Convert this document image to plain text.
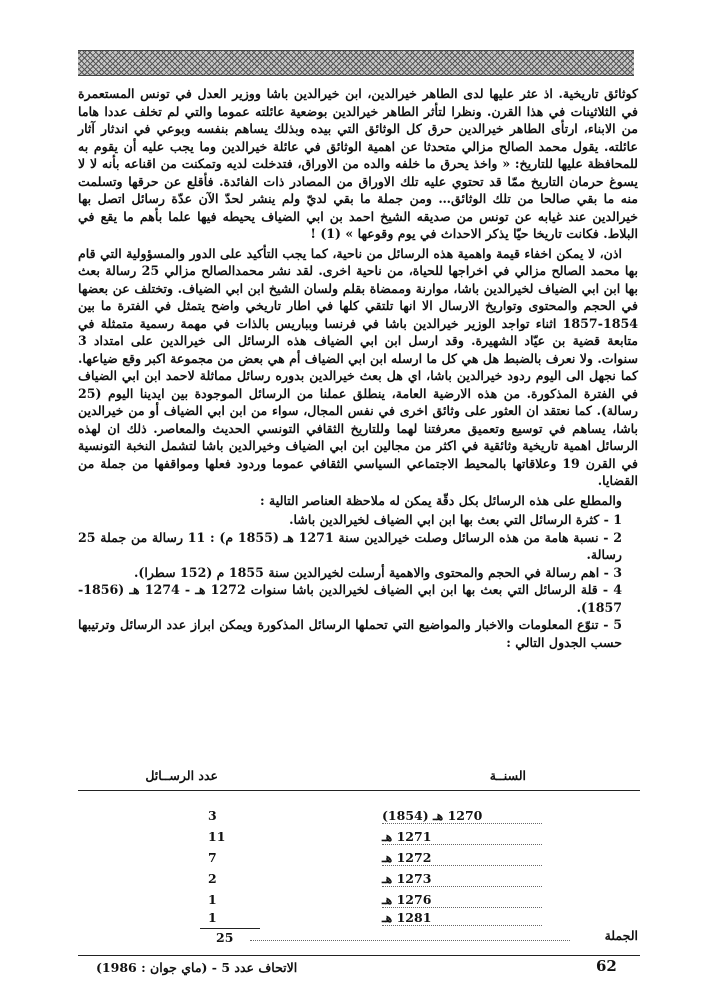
كوثائق تاريخية. اذ عثر عليها لدى الطاهر خيرالدين، ابن خيرالدين باشا ووزير العدل في تونس المستعمرة في الثلاثينات في هذا القرن. ونظرا لتأثر الطاهر خيرالدين بوضعية عائلته عموما والتي لم تخلف عددا هاما من الابناء، ارتأى الطاهر خيرالدين حرق كل الوثائق التي بيده وبذلك يساهم بنفسه وبوعي في اندثار آثار عائلته. يقول محمد الصالح مزالي متحدثا عن اهمية الوثائق في عائلة خيرالدين وما يجب عليه أن يقوم به للمحافظة عليها للتاريخ: « واخذ يحرق ما خلفه والده من الاوراق، فتدخلت لديه وتمكنت من اقناعه بأنه لا لا يسوغ حرمان التاريخ ممّا قد تحتوي عليه تلك الاوراق من المصادر ذات الفائدة. فأقلع عن حرقها وتسلمت منه ما بقي صالحا من تلك الوثائق… ومن جملة ما بقي لديّ ولم ينشر لحدّ الآن عدّة رسائل اتصل بها خيرالدين عند غيابه عن تونس من صديقه الشيخ احمد بن ابي الضياف يحيطه فيها علما بأهم ما يقع في البلاط. فكانت تاريخا حيّا يذكر الاحداث في يوم وقوعها » (1) !

اذن، لا يمكن اخفاء قيمة واهمية هذه الرسائل من ناحية، كما يجب التأكيد على الدور والمسؤولية التي قام بها محمد الصالح مزالي في اخراجها للحياة، من ناحية اخرى. لقد نشر محمدالصالح مزالي 25 رسالة بعث بها ابن ابي الضياف لخيرالدين باشا، موارنة وممضاة بقلم ولسان الشيخ ابن ابي الضياف. وتختلف عن بعضها في الحجم والمحتوى وتواريخ الارسال الا انها تلتقي كلها في اطار تاريخي واضح يتمثل في الفترة ما بين 1854-1857 اثناء تواجد الوزير خيرالدين باشا في فرنسا وبباريس بالذات في مهمة رسمية متمثلة في متابعة قضية بن عيّاد الشهيرة. وقد ارسل ابن ابي الضياف هذه الرسائل الى خيرالدين على امتداد 3 سنوات. ولا نعرف بالضبط هل هي كل ما ارسله ابن ابي الضياف أم هي بعض من مجموعة اكبر وقع ضياعها. كما نجهل الى اليوم ردود خيرالدين باشا، اي هل بعث خيرالدين بدوره رسائل مماثلة لاحمد ابن ابي الضياف في الفترة المذكورة. من هذه الارضية العامة، ينطلق عملنا من الرسائل الموجودة بين ايدينا اليوم (25 رسالة). كما نعتقد ان العثور على وثائق اخرى في نفس المجال، سواء من ابن ابي الضياف أو من خيرالدين باشا، يساهم في توسيع وتعميق معرفتنا لهما وللتاريخ الثقافي التونسي الحديث والمعاصر. ذلك ان لهذه الرسائل اهمية تاريخية وثائقية في اكثر من مجالين ابن ابي الضياف وخيرالدين باشا لتشمل النخبة التونسية في القرن 19 وعلاقاتها بالمحيط الاجتماعي السياسي الثقافي عموما وردود فعلها ومواقفها من جملة من القضايا.

والمطلع على هذه الرسائل بكل دقّة يمكن له ملاحظة العناصر التالية :

1 - كثرة الرسائل التي بعث بها ابن ابي الضياف لخيرالدين باشا.

2 - نسبة هامة من هذه الرسائل وصلت خيرالدين سنة 1271 هـ (1855 م) : 11 رسالة من جملة 25 رسالة.

3 - اهم رسالة في الحجم والمحتوى والاهمية أرسلت لخيرالدين سنة 1855 م (152 سطرا).

4 - قلة الرسائل التي بعث بها ابن ابي الضياف لخيرالدين باشا سنوات 1272 هـ - 1274 هـ (1856-1857).

5 - تنوّع المعلومات والاخبار والمواضيع التي تحملها الرسائل المذكورة ويمكن ابراز عدد الرسائل وترتيبها حسب الجدول التالي :

السنــة
عدد الرســائل
1270 هـ (1854)
3
1271 هـ
11
1272 هـ
7
1273 هـ
2
1276 هـ
1
1281 هـ
1
الجملة
25
الاتحاف عدد 5 - (ماي جوان : 1986)	62
